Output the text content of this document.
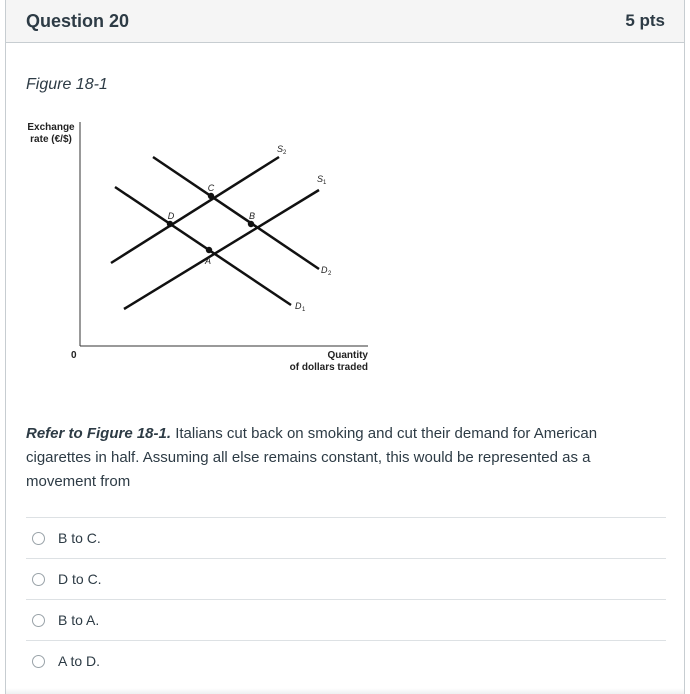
Question 20	5 pts
Figure 18-1
Exchange
rate (€/$)
0	Quantity
of dollars traded
C
D	B
A
S 2
S 1
D 2
D 1
Refer to Figure 18-1. Italians cut back on smoking and cut their demand for American cigarettes in half. Assuming all else remains constant, this would be represented as a movement from
B to C.
D to C.
B to A.
A to D.
